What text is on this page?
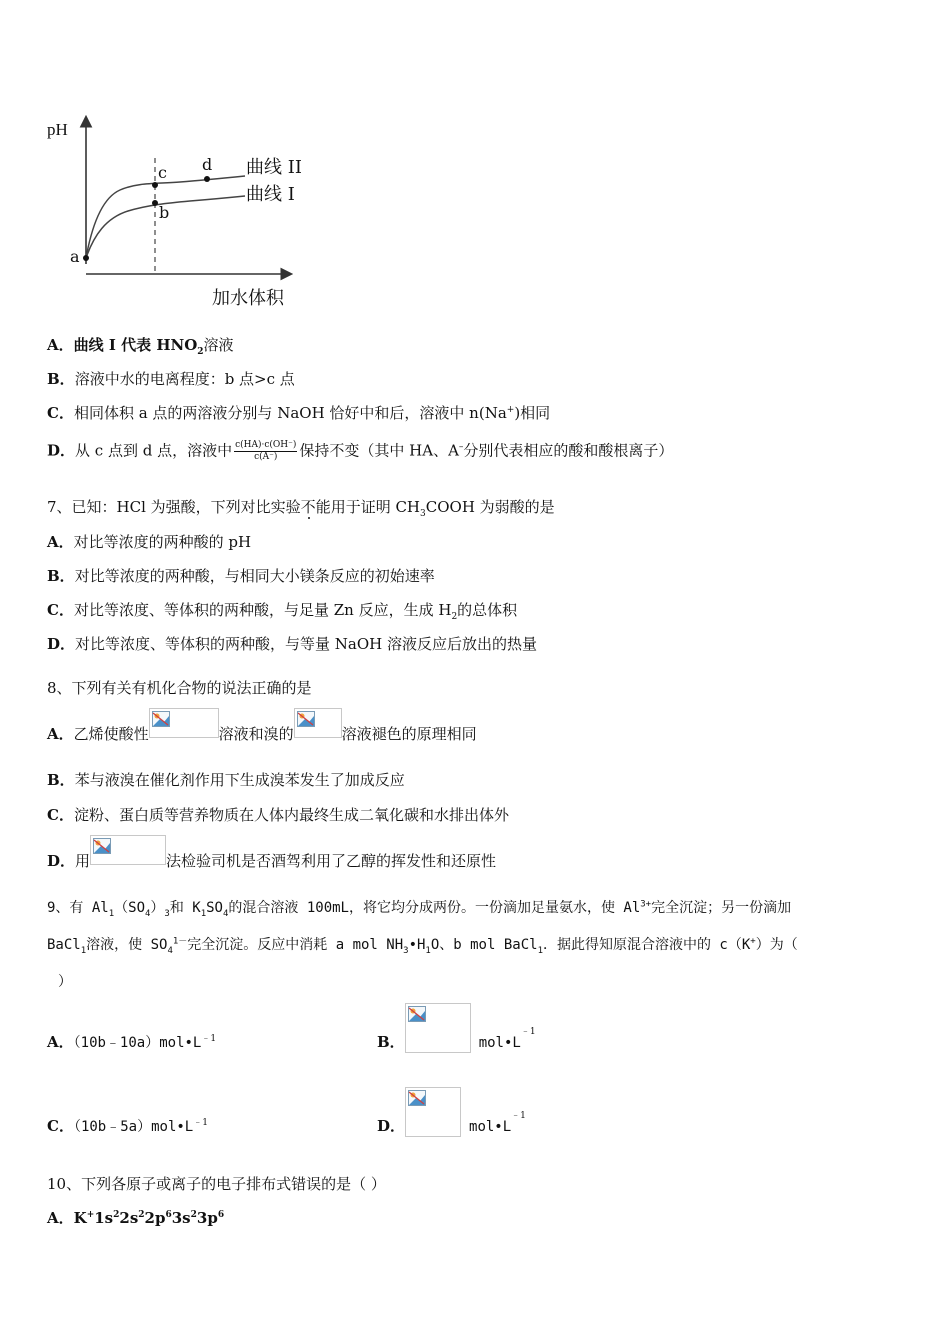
pH
a
b
c d 曲线 II
曲线 I
加水体积
A．曲线 I 代表 $HNO_2$溶液
B．溶液中水的电离程度：b 点>c 点
C．相同体积 a 点的两溶液分别与 NaOH 恰好中和后，溶液中 n(Na+)相同
D．从 c 点到 d 点，溶液中 $\frac{c(HA)\cdot c(OH^-)}{c(A^-)}$ 保持不变（其中 HA、A–分别代表相应的酸和酸根离子）
7、已知：HCl 为强酸，下列对比实验不能用于证明 $CH_3COOH$ 为弱酸的是
A．对比等浓度的两种酸的 pH
B．对比等浓度的两种酸，与相同大小镁条反应的初始速率
C．对比等浓度、等体积的两种酸，与足量 Zn 反应，生成 $H_2$的总体积
D．对比等浓度、等体积的两种酸，与等量 NaOH 溶液反应后放出的热量
8、下列有关有机化合物的说法正确的是
A．乙烯使酸性	溶液和溴的	溶液褪色的原理相同
B．苯与液溴在催化剂作用下生成溴苯发生了加成反应
C．淀粉、蛋白质等营养物质在人体内最终生成二氧化碳和水排出体外
D．用	法检验司机是否酒驾利用了乙醇的挥发性和还原性
9、有 $Al_1(SO_4)_3$和 $K_1SO_4$的混合溶液 100mL，将它均分成两份。一份滴加足量氨水，使 $Al^{3+}$完全沉淀；另一份滴加
BaCl$_1$溶液，使 $SO_4^{1-}$完全沉淀。反应中消耗 a mol $NH_3•H_1O$、b mol BaCl$_1$．据此得知原混合溶液中的 c（K+）为（
）
A．$(10b﹣10a)mol•L^{﹣1}$	B．	$mol•L^{﹣1}$
C．$(10b﹣5a)mol•L^{﹣1}$	D．	$mol•L^{﹣1}$
10、下列各原子或离子的电子排布式错误的是（ ）
A．$K^+1s^22s^22p^63s^23p^6$
